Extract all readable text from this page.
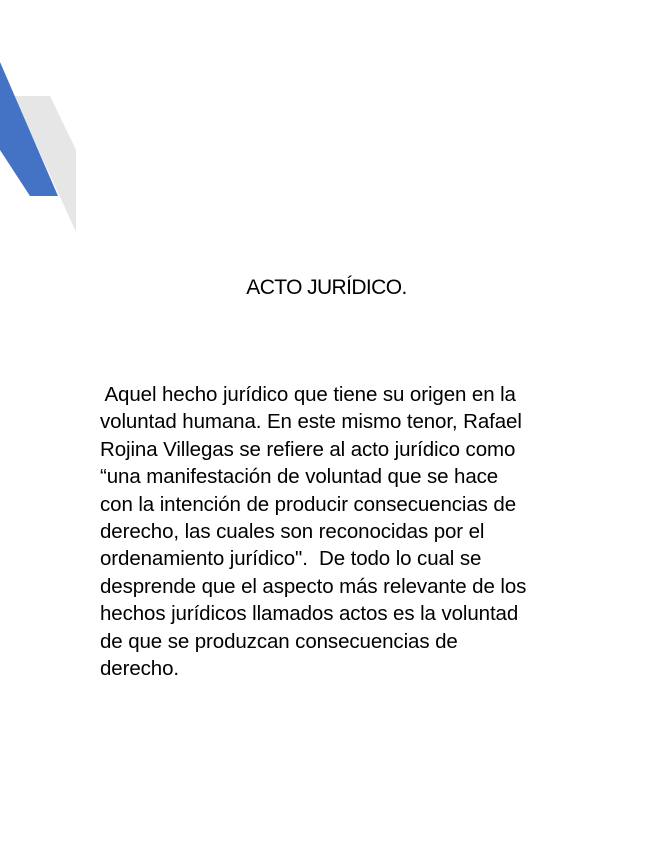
ACTO JURÍDICO.
Aquel hecho jurídico que tiene su origen en la
voluntad humana. En este mismo tenor, Rafael
Rojina Villegas se refiere al acto jurídico como
“una manifestación de voluntad que se hace
con la intención de producir consecuencias de
derecho, las cuales son reconocidas por el
ordenamiento jurídico".  De todo lo cual se
desprende que el aspecto más relevante de los
hechos jurídicos llamados actos es la voluntad
de que se produzcan consecuencias de
derecho.
